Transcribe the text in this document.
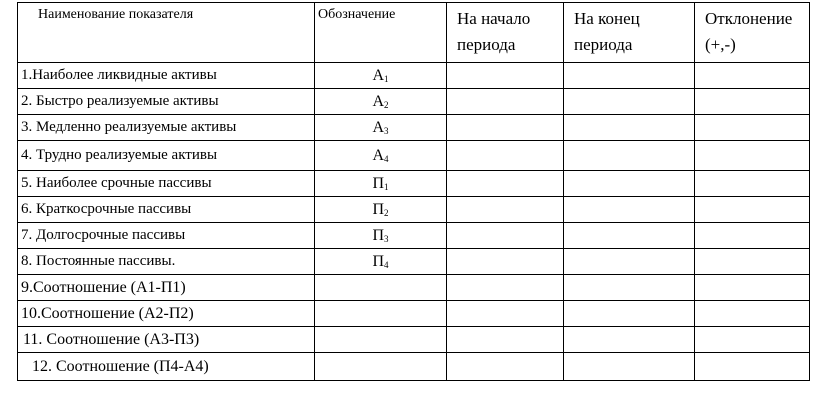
Наименование показателя	Обозначение	На начало периода	На конец периода	Отклонение (+,-)
1.Наиболее ликвидные активы	$А_1$			
2. Быстро реализуемые активы	$А_2$			
3. Медленно реализуемые активы	$А_3$			
4. Трудно реализуемые активы	$А_4$			
5. Наиболее срочные пассивы	$П_1$			
6. Краткосрочные пассивы	$П_2$			
7. Долгосрочные пассивы	$П_3$			
8. Постоянные пассивы.	$П_4$			
9.Соотношение (А1-П1)				
10.Соотношение (А2-П2)				
11. Соотношение (А3-П3)				
12. Соотношение (П4-А4)				
